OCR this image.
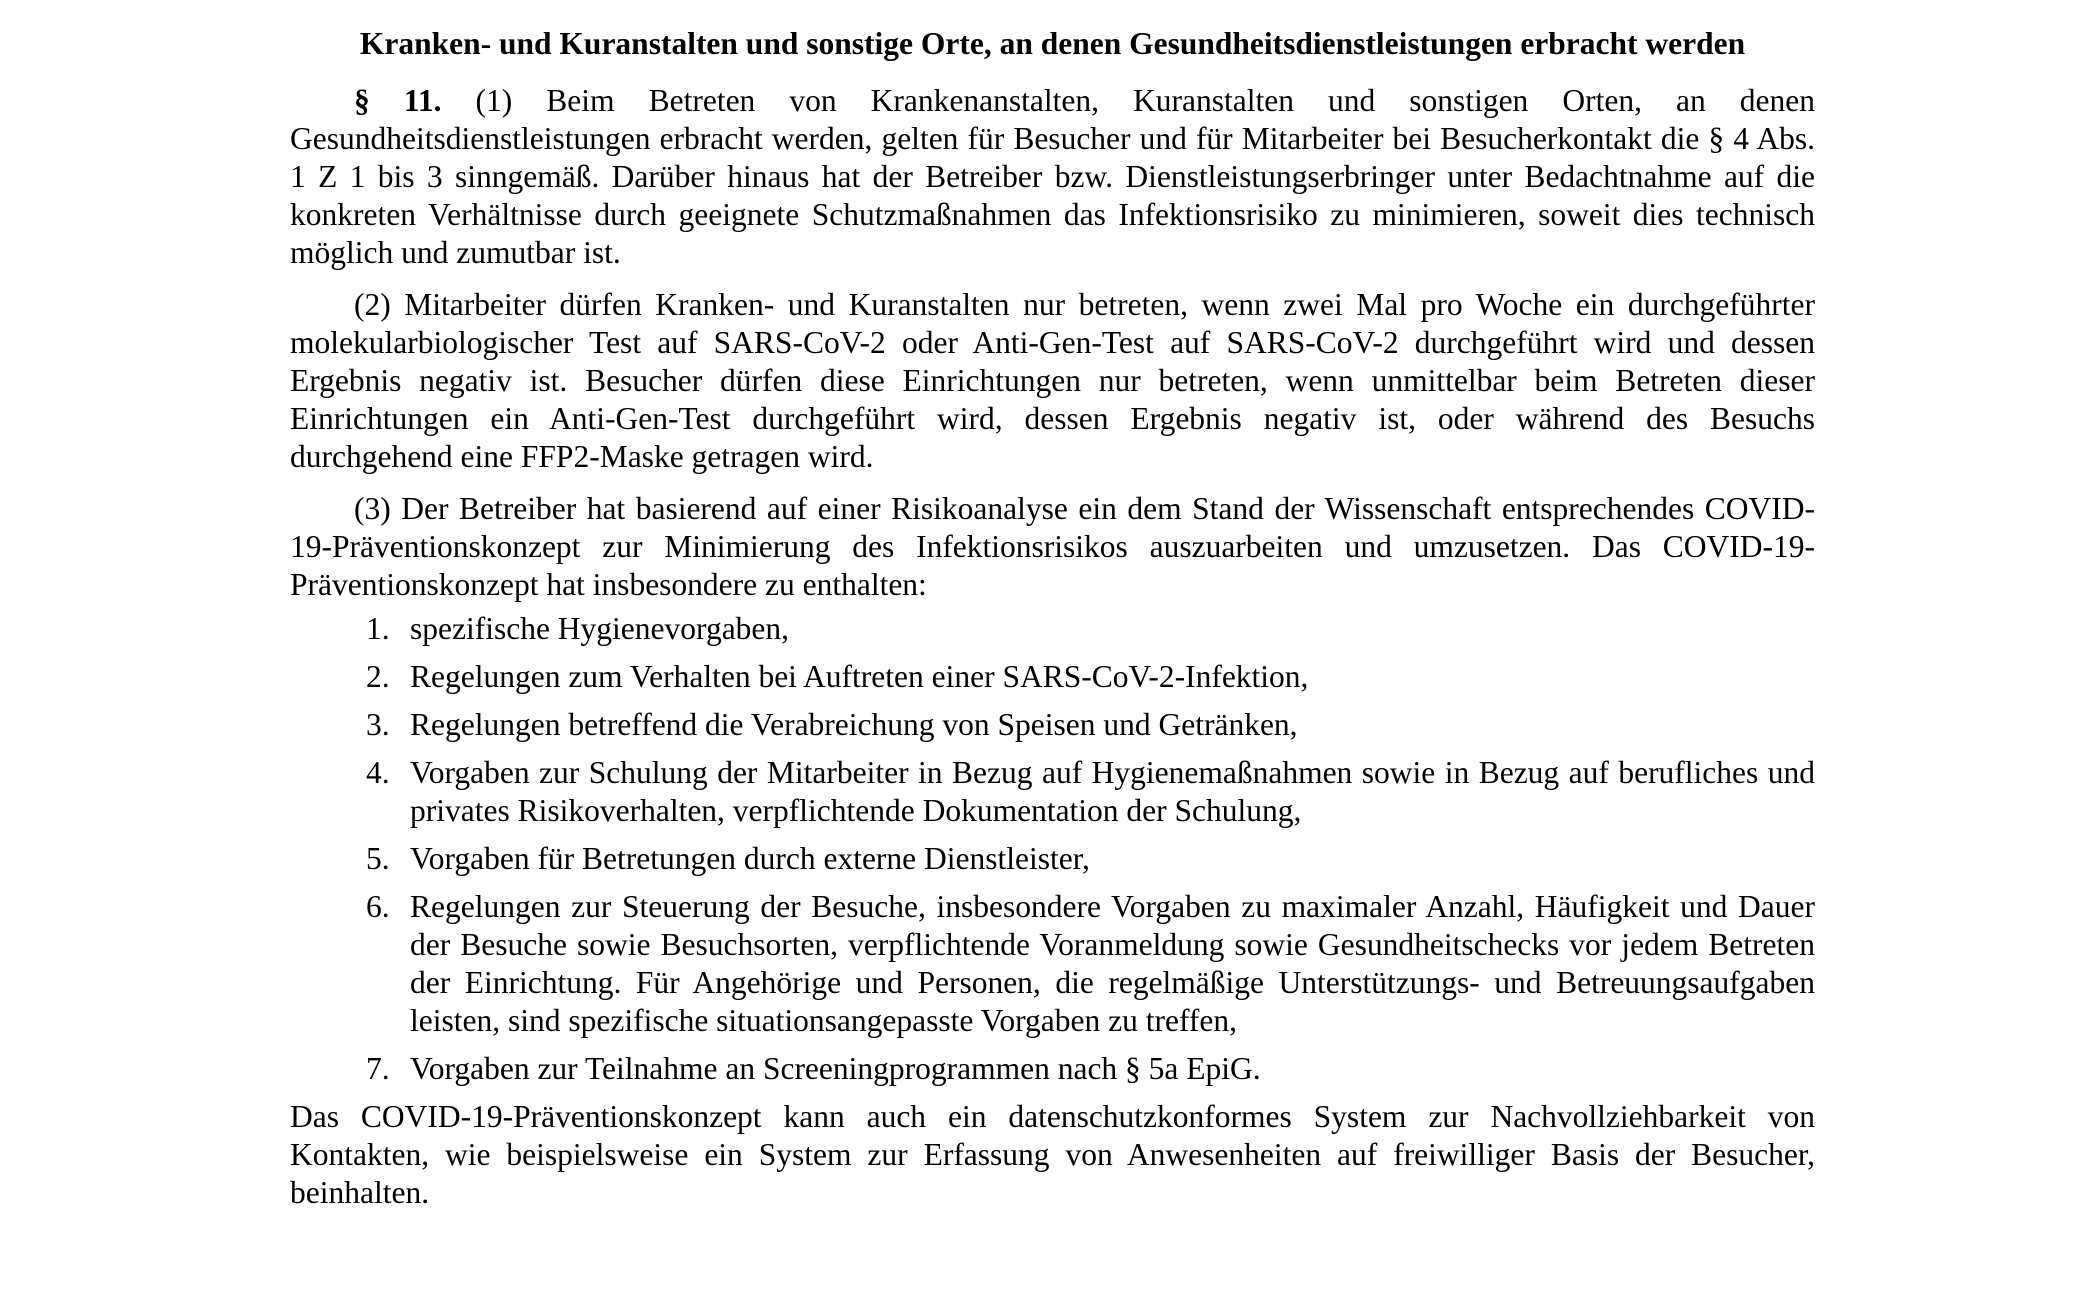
Kranken- und Kuranstalten und sonstige Orte, an denen Gesundheitsdienstleistungen erbracht werden

§ 11. (1) Beim Betreten von Krankenanstalten, Kuranstalten und sonstigen Orten, an denen Gesundheitsdienstleistungen erbracht werden, gelten für Besucher und für Mitarbeiter bei Besucherkontakt die § 4 Abs. 1 Z 1 bis 3 sinngemäß. Darüber hinaus hat der Betreiber bzw. Dienstleistungserbringer unter Bedachtnahme auf die konkreten Verhältnisse durch geeignete Schutzmaßnahmen das Infektionsrisiko zu minimieren, soweit dies technisch möglich und zumutbar ist.

(2) Mitarbeiter dürfen Kranken- und Kuranstalten nur betreten, wenn zwei Mal pro Woche ein durchgeführter molekularbiologischer Test auf SARS-CoV-2 oder Anti-Gen-Test auf SARS-CoV-2 durchgeführt wird und dessen Ergebnis negativ ist. Besucher dürfen diese Einrichtungen nur betreten, wenn unmittelbar beim Betreten dieser Einrichtungen ein Anti-Gen-Test durchgeführt wird, dessen Ergebnis negativ ist, oder während des Besuchs durchgehend eine FFP2-Maske getragen wird.

(3) Der Betreiber hat basierend auf einer Risikoanalyse ein dem Stand der Wissenschaft entsprechendes COVID-19-Präventionskonzept zur Minimierung des Infektionsrisikos auszuarbeiten und umzusetzen. Das COVID-19-Präventionskonzept hat insbesondere zu enthalten:

1. spezifische Hygienevorgaben,
2. Regelungen zum Verhalten bei Auftreten einer SARS-CoV-2-Infektion,
3. Regelungen betreffend die Verabreichung von Speisen und Getränken,
4. Vorgaben zur Schulung der Mitarbeiter in Bezug auf Hygienemaßnahmen sowie in Bezug auf berufliches und privates Risikoverhalten, verpflichtende Dokumentation der Schulung,
5. Vorgaben für Betretungen durch externe Dienstleister,
6. Regelungen zur Steuerung der Besuche, insbesondere Vorgaben zu maximaler Anzahl, Häufigkeit und Dauer der Besuche sowie Besuchsorten, verpflichtende Voranmeldung sowie Gesundheitschecks vor jedem Betreten der Einrichtung. Für Angehörige und Personen, die regelmäßige Unterstützungs- und Betreuungsaufgaben leisten, sind spezifische situationsangepasste Vorgaben zu treffen,
7. Vorgaben zur Teilnahme an Screeningprogrammen nach § 5a EpiG.

Das COVID-19-Präventionskonzept kann auch ein datenschutzkonformes System zur Nachvollziehbarkeit von Kontakten, wie beispielsweise ein System zur Erfassung von Anwesenheiten auf freiwilliger Basis der Besucher, beinhalten.
